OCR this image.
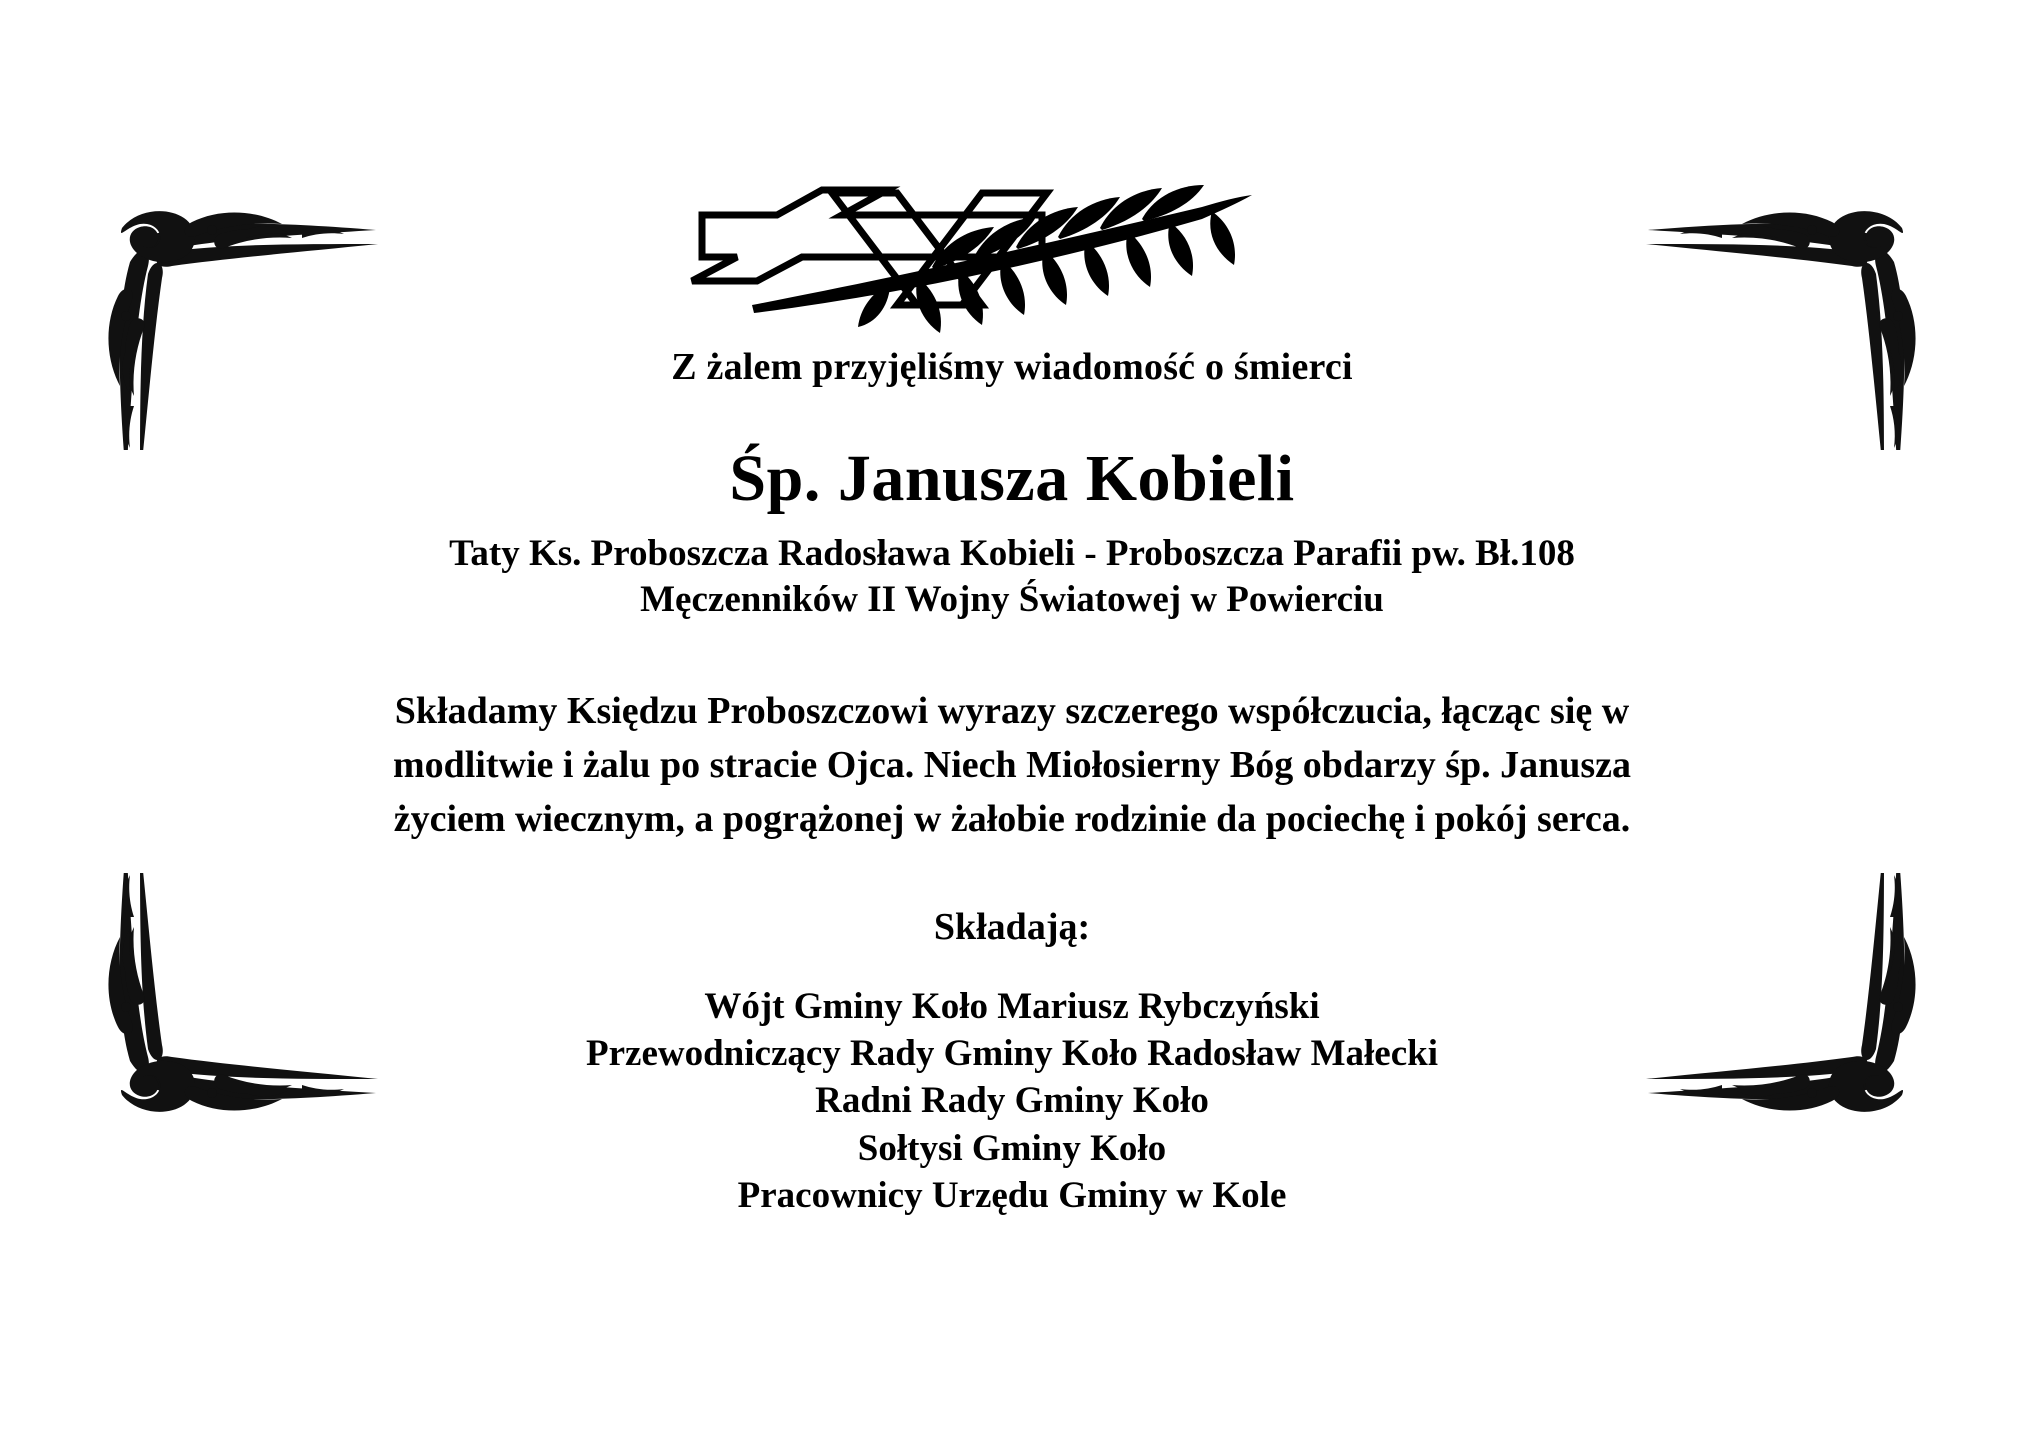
Z żalem przyjęliśmy wiadomość o śmierci

Śp. Janusza Kobieli
Taty Ks. Proboszcza Radosława Kobieli - Proboszcza Parafii pw. Bł.108
Męczenników II Wojny Światowej w Powierciu
Składamy Księdzu Proboszczowi wyrazy szczerego współczucia, łącząc się w
modlitwie i żalu po stracie Ojca. Niech Miołosierny Bóg obdarzy śp. Janusza
życiem wiecznym, a pogrążonej w żałobie rodzinie da pociechę i pokój serca.

Składają:

Wójt Gminy Koło Mariusz Rybczyński

Przewodniczący Rady Gminy Koło Radosław Małecki

Radni Rady Gminy Koło

Sołtysi Gminy Koło

Pracownicy Urzędu Gminy w Kole
